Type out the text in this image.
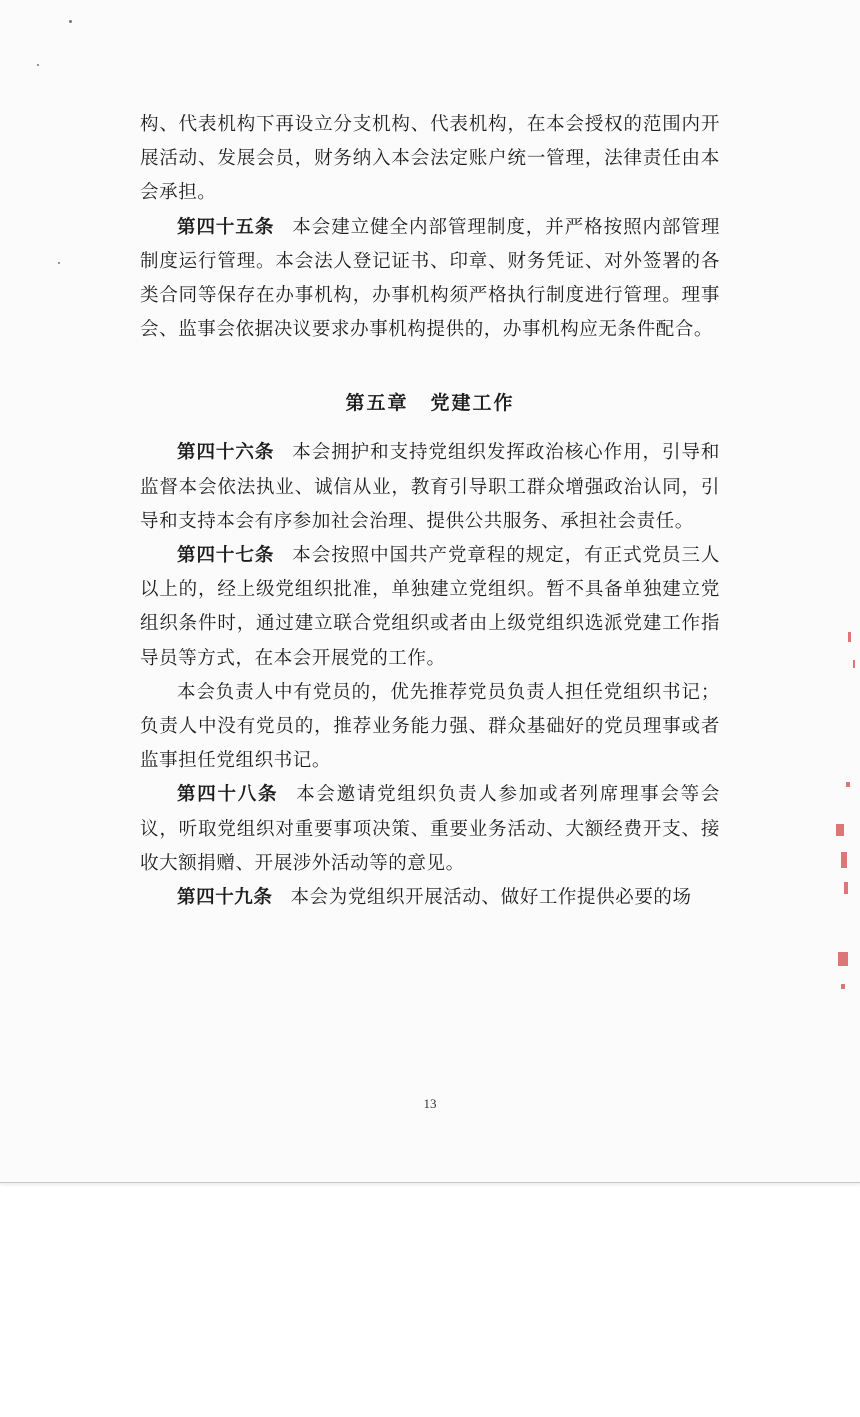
构、代表机构下再设立分支机构、代表机构，在本会授权的范围内开展活动、发展会员，财务纳入本会法定账户统一管理，法律责任由本会承担。

第四十五条 本会建立健全内部管理制度，并严格按照内部管理制度运行管理。本会法人登记证书、印章、财务凭证、对外签署的各类合同等保存在办事机构，办事机构须严格执行制度进行管理。理事会、监事会依据决议要求办事机构提供的，办事机构应无条件配合。

第五章 党建工作

第四十六条 本会拥护和支持党组织发挥政治核心作用，引导和监督本会依法执业、诚信从业，教育引导职工群众增强政治认同，引导和支持本会有序参加社会治理、提供公共服务、承担社会责任。

第四十七条 本会按照中国共产党章程的规定，有正式党员三人以上的，经上级党组织批准，单独建立党组织。暂不具备单独建立党组织条件时，通过建立联合党组织或者由上级党组织选派党建工作指导员等方式，在本会开展党的工作。

本会负责人中有党员的，优先推荐党员负责人担任党组织书记；负责人中没有党员的，推荐业务能力强、群众基础好的党员理事或者监事担任党组织书记。

第四十八条 本会邀请党组织负责人参加或者列席理事会等会议，听取党组织对重要事项决策、重要业务活动、大额经费开支、接收大额捐赠、开展涉外活动等的意见。

第四十九条 本会为党组织开展活动、做好工作提供必要的场

13
